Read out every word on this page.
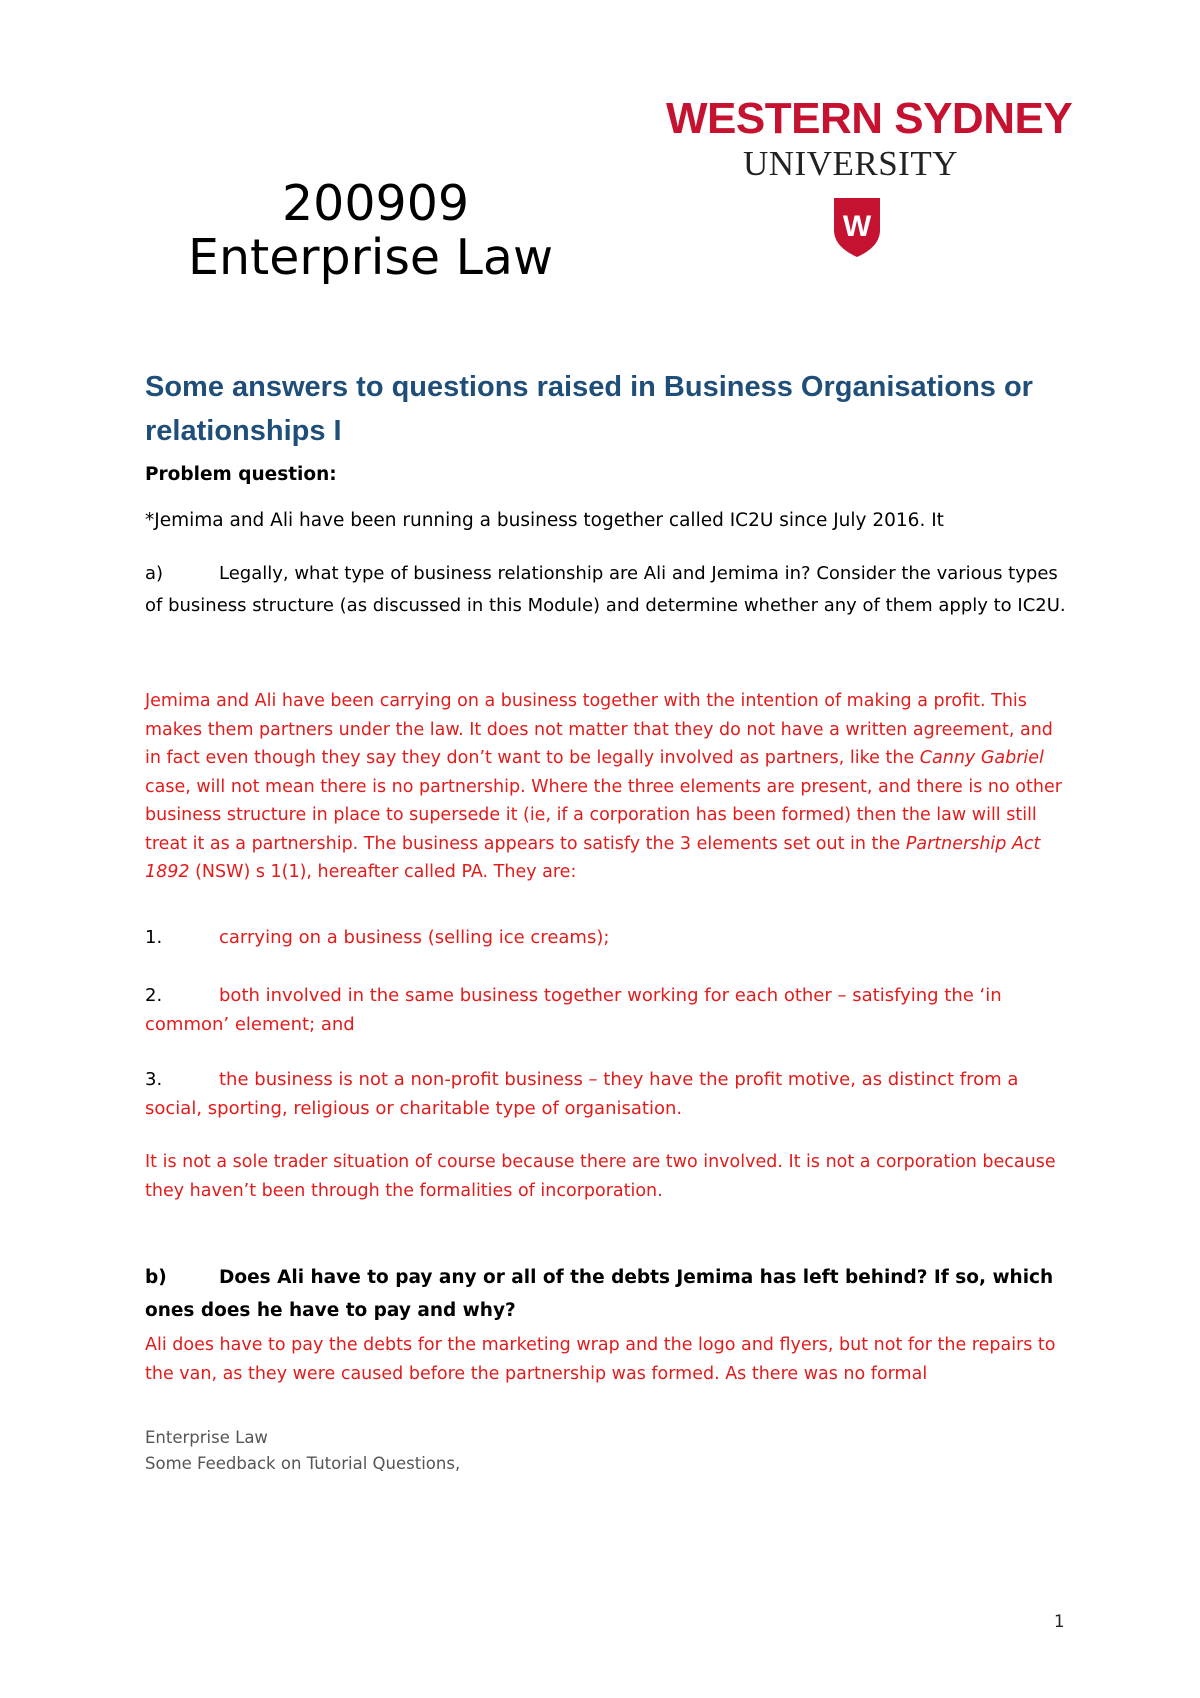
200909
Enterprise Law
WESTERN SYDNEY
UNIVERSITY
W
Some answers to questions raised in Business Organisations or relationships I
Problem question:
*Jemima and Ali have been running a business together called IC2U since July 2016. It
a)	Legally, what type of business relationship are Ali and Jemima in? Consider the various types of business structure (as discussed in this Module) and determine whether any of them apply to IC2U.
Jemima and Ali have been carrying on a business together with the intention of making a profit. This makes them partners under the law. It does not matter that they do not have a written agreement, and in fact even though they say they don’t want to be legally involved as partners, like the Canny Gabriel case, will not mean there is no partnership. Where the three elements are present, and there is no other business structure in place to supersede it (ie, if a corporation has been formed) then the law will still treat it as a partnership. The business appears to satisfy the 3 elements set out in the Partnership Act 1892 (NSW) s 1(1), hereafter called PA. They are:
1.	carrying on a business (selling ice creams);
2.	both involved in the same business together working for each other – satisfying the ‘in common’ element; and
3.	the business is not a non-profit business – they have the profit motive, as distinct from a social, sporting, religious or charitable type of organisation.
It is not a sole trader situation of course because there are two involved. It is not a corporation because they haven’t been through the formalities of incorporation.
b)	Does Ali have to pay any or all of the debts Jemima has left behind? If so, which ones does he have to pay and why?
Ali does have to pay the debts for the marketing wrap and the logo and flyers, but not for the repairs to the van, as they were caused before the partnership was formed. As there was no formal
Enterprise Law
Some Feedback on Tutorial Questions,
1
